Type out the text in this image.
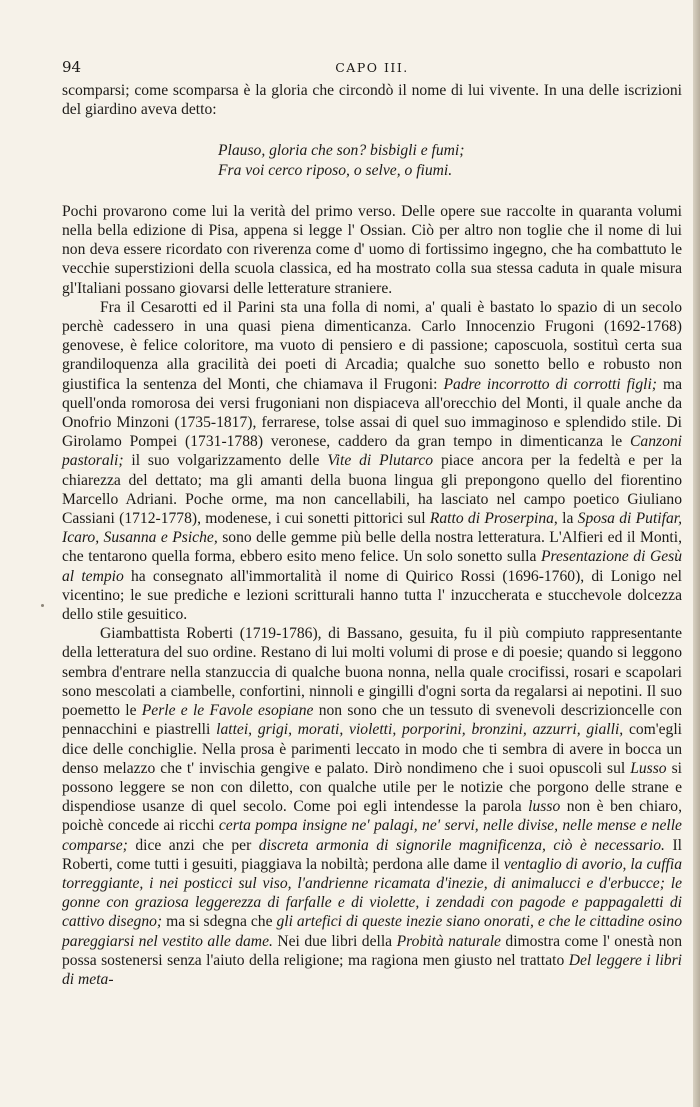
94	CAPO III.

scomparsi; come scomparsa è la gloria che circondò il nome di lui vivente. In una delle iscrizioni del giardino aveva detto:

Plauso, gloria che son? bisbigli e fumi;
Fra voi cerco riposo, o selve, o fiumi.

Pochi provarono come lui la verità del primo verso. Delle opere sue raccolte in quaranta volumi nella bella edizione di Pisa, appena si legge l' Ossian. Ciò per altro non toglie che il nome di lui non deva essere ricordato con riverenza come d' uomo di fortissimo ingegno, che ha combattuto le vecchie superstizioni della scuola classica, ed ha mostrato colla sua stessa caduta in quale misura gl'Italiani possano giovarsi delle letterature straniere.

Fra il Cesarotti ed il Parini sta una folla di nomi, a' quali è bastato lo spazio di un secolo perchè cadessero in una quasi piena dimenticanza. Carlo Innocenzio Frugoni (1692-1768) genovese, è felice coloritore, ma vuoto di pensiero e di passione; caposcuola, sostituì certa sua grandiloquenza alla gracilità dei poeti di Arcadia; qualche suo sonetto bello e robusto non giustifica la sentenza del Monti, che chiamava il Frugoni: Padre incorrotto di corrotti figli; ma quell'onda romorosa dei versi frugoniani non dispiaceva all'orecchio del Monti, il quale anche da Onofrio Minzoni (1735-1817), ferrarese, tolse assai di quel suo immaginoso e splendido stile. Di Girolamo Pompei (1731-1788) veronese, caddero da gran tempo in dimenticanza le Canzoni pastorali; il suo volgarizzamento delle Vite di Plutarco piace ancora per la fedeltà e per la chiarezza del dettato; ma gli amanti della buona lingua gli prepongono quello del fiorentino Marcello Adriani. Poche orme, ma non cancellabili, ha lasciato nel campo poetico Giuliano Cassiani (1712-1778), modenese, i cui sonetti pittorici sul Ratto di Proserpina, la Sposa di Putifar, Icaro, Susanna e Psiche, sono delle gemme più belle della nostra letteratura. L'Alfieri ed il Monti, che tentarono quella forma, ebbero esito meno felice. Un solo sonetto sulla Presentazione di Gesù al tempio ha consegnato all'immortalità il nome di Quirico Rossi (1696-1760), di Lonigo nel vicentino; le sue prediche e lezioni scritturali hanno tutta l' inzuccherata e stucchevole dolcezza dello stile gesuitico.

Giambattista Roberti (1719-1786), di Bassano, gesuita, fu il più compiuto rappresentante della letteratura del suo ordine. Restano di lui molti volumi di prose e di poesie; quando si leggono sembra d'entrare nella stanzuccia di qualche buona nonna, nella quale crocifissi, rosari e scapolari sono mescolati a ciambelle, confortini, ninnoli e gingilli d'ogni sorta da regalarsi ai nepotini. Il suo poemetto le Perle e le Favole esopiane non sono che un tessuto di svenevoli descrizioncelle con pennacchini e piastrelli lattei, grigi, morati, violetti, porporini, bronzini, azzurri, gialli, com'egli dice delle conchiglie. Nella prosa è parimenti leccato in modo che ti sembra di avere in bocca un denso melazzo che t' invischia gengive e palato. Dirò nondimeno che i suoi opuscoli sul Lusso si possono leggere se non con diletto, con qualche utile per le notizie che porgono delle strane e dispendiose usanze di quel secolo. Come poi egli intendesse la parola lusso non è ben chiaro, poichè concede ai ricchi certa pompa insigne ne' palagi, ne' servi, nelle divise, nelle mense e nelle comparse; dice anzi che per discreta armonia di signorile magnificenza, ciò è necessario. Il Roberti, come tutti i gesuiti, piaggiava la nobiltà; perdona alle dame il ventaglio di avorio, la cuffia torreggiante, i nei posticci sul viso, l'andrienne ricamata d'inezie, di animalucci e d'erbucce; le gonne con graziosa leggerezza di farfalle e di violette, i zendadi con pagode e pappagaletti di cattivo disegno; ma si sdegna che gli artefici di queste inezie siano onorati, e che le cittadine osino pareggiarsi nel vestito alle dame. Nei due libri della Probità naturale dimostra come l' onestà non possa sostenersi senza l'aiuto della religione; ma ragiona men giusto nel trattato Del leggere i libri di meta-
